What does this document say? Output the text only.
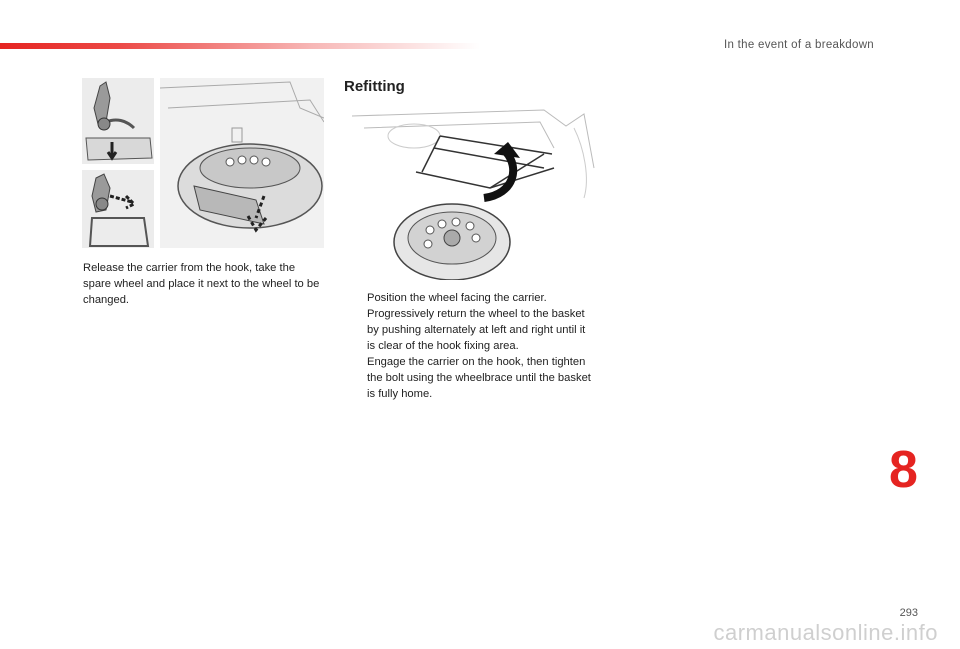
In the event of a breakdown
Release the carrier from the hook, take the spare wheel and place it next to the wheel to be changed.
Refitting
Position the wheel facing the carrier.
Progressively return the wheel to the basket by pushing alternately at left and right until it is clear of the hook fixing area.
Engage the carrier on the hook, then tighten the bolt using the wheelbrace until the basket is fully home.
8
293
carmanualsonline.info
